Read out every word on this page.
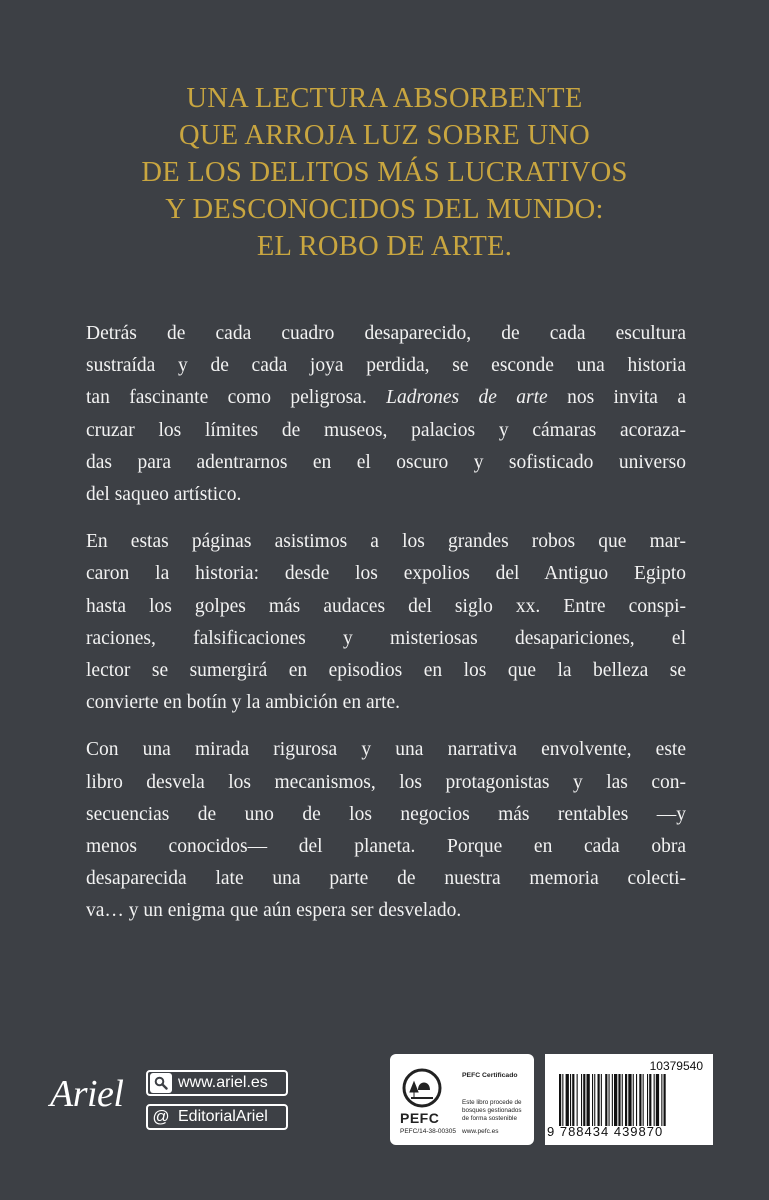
UNA LECTURA ABSORBENTE
QUE ARROJA LUZ SOBRE UNO
DE LOS DELITOS MÁS LUCRATIVOS
Y DESCONOCIDOS DEL MUNDO:
EL ROBO DE ARTE.

Detrás de cada cuadro desaparecido, de cada escultura
sustraída y de cada joya perdida, se esconde una historia
tan fascinante como peligrosa. Ladrones de arte nos invita a
cruzar los límites de museos, palacios y cámaras acoraza-
das para adentrarnos en el oscuro y sofisticado universo
del saqueo artístico.

En estas páginas asistimos a los grandes robos que mar-
caron la historia: desde los expolios del Antiguo Egipto
hasta los golpes más audaces del siglo xx. Entre conspi-
raciones, falsificaciones y misteriosas desapariciones, el
lector se sumergirá en episodios en los que la belleza se
convierte en botín y la ambición en arte.

Con una mirada rigurosa y una narrativa envolvente, este
libro desvela los mecanismos, los protagonistas y las con-
secuencias de uno de los negocios más rentables —y
menos conocidos— del planeta. Porque en cada obra
desaparecida late una parte de nuestra memoria colecti-
va… y un enigma que aún espera ser desvelado.

Ariel	www.ariel.es
@ EditorialAriel	PEFC
PEFC/14-38-00305
PEFC Certificado
Este libro procede de bosques gestionados de forma sostenible
www.pefc.es
10379540
9 788434 439870
